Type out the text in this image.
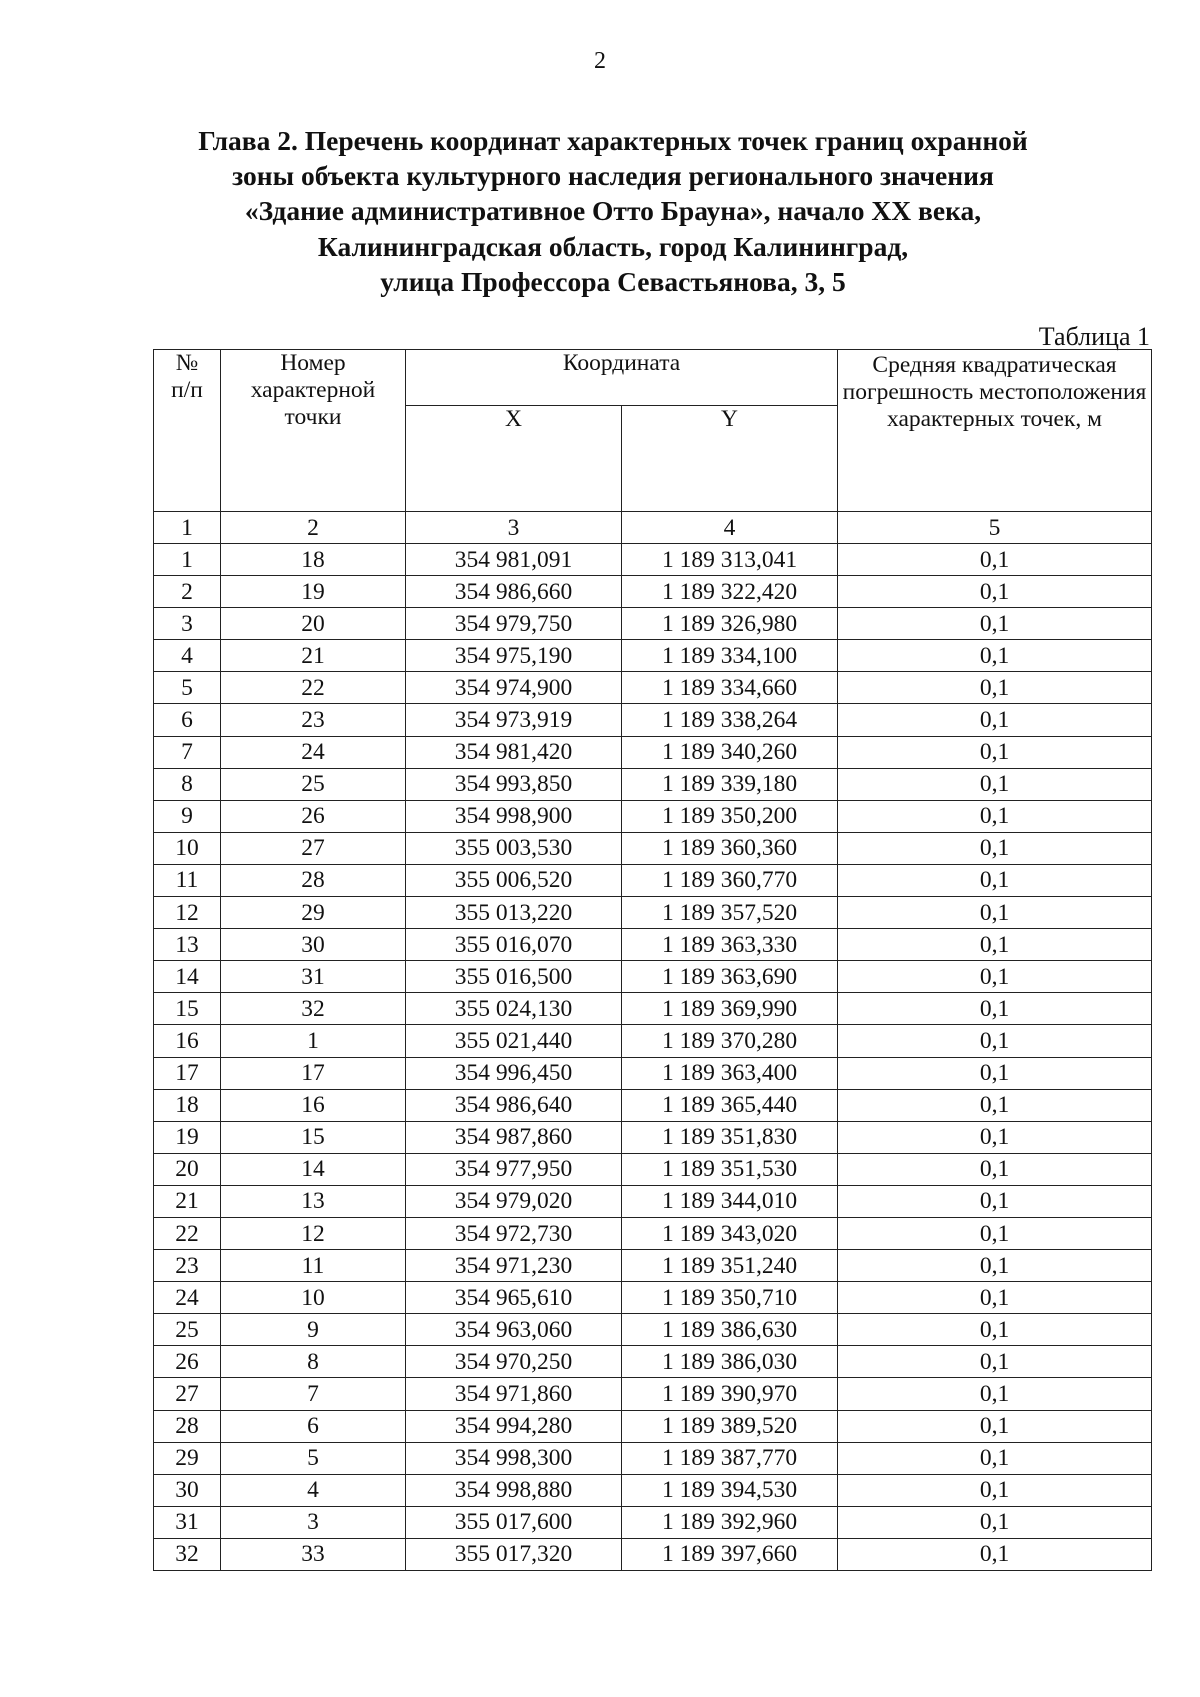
2
Глава 2. Перечень координат характерных точек границ охранной
зоны объекта культурного наследия регионального значения
«Здание административное Отто Брауна», начало XX века,
Калининградская область, город Калининград,
улица Профессора Севастьянова, 3, 5
Таблица 1
№ п/п	Номер характерной точки	Координата		Средняя квадратическая погрешность местоположения характерных точек, м
		X	Y	
1	2	3	4	5
1	18	354 981,091	1 189 313,041	0,1
2	19	354 986,660	1 189 322,420	0,1
3	20	354 979,750	1 189 326,980	0,1
4	21	354 975,190	1 189 334,100	0,1
5	22	354 974,900	1 189 334,660	0,1
6	23	354 973,919	1 189 338,264	0,1
7	24	354 981,420	1 189 340,260	0,1
8	25	354 993,850	1 189 339,180	0,1
9	26	354 998,900	1 189 350,200	0,1
10	27	355 003,530	1 189 360,360	0,1
11	28	355 006,520	1 189 360,770	0,1
12	29	355 013,220	1 189 357,520	0,1
13	30	355 016,070	1 189 363,330	0,1
14	31	355 016,500	1 189 363,690	0,1
15	32	355 024,130	1 189 369,990	0,1
16	1	355 021,440	1 189 370,280	0,1
17	17	354 996,450	1 189 363,400	0,1
18	16	354 986,640	1 189 365,440	0,1
19	15	354 987,860	1 189 351,830	0,1
20	14	354 977,950	1 189 351,530	0,1
21	13	354 979,020	1 189 344,010	0,1
22	12	354 972,730	1 189 343,020	0,1
23	11	354 971,230	1 189 351,240	0,1
24	10	354 965,610	1 189 350,710	0,1
25	9	354 963,060	1 189 386,630	0,1
26	8	354 970,250	1 189 386,030	0,1
27	7	354 971,860	1 189 390,970	0,1
28	6	354 994,280	1 189 389,520	0,1
29	5	354 998,300	1 189 387,770	0,1
30	4	354 998,880	1 189 394,530	0,1
31	3	355 017,600	1 189 392,960	0,1
32	33	355 017,320	1 189 397,660	0,1
